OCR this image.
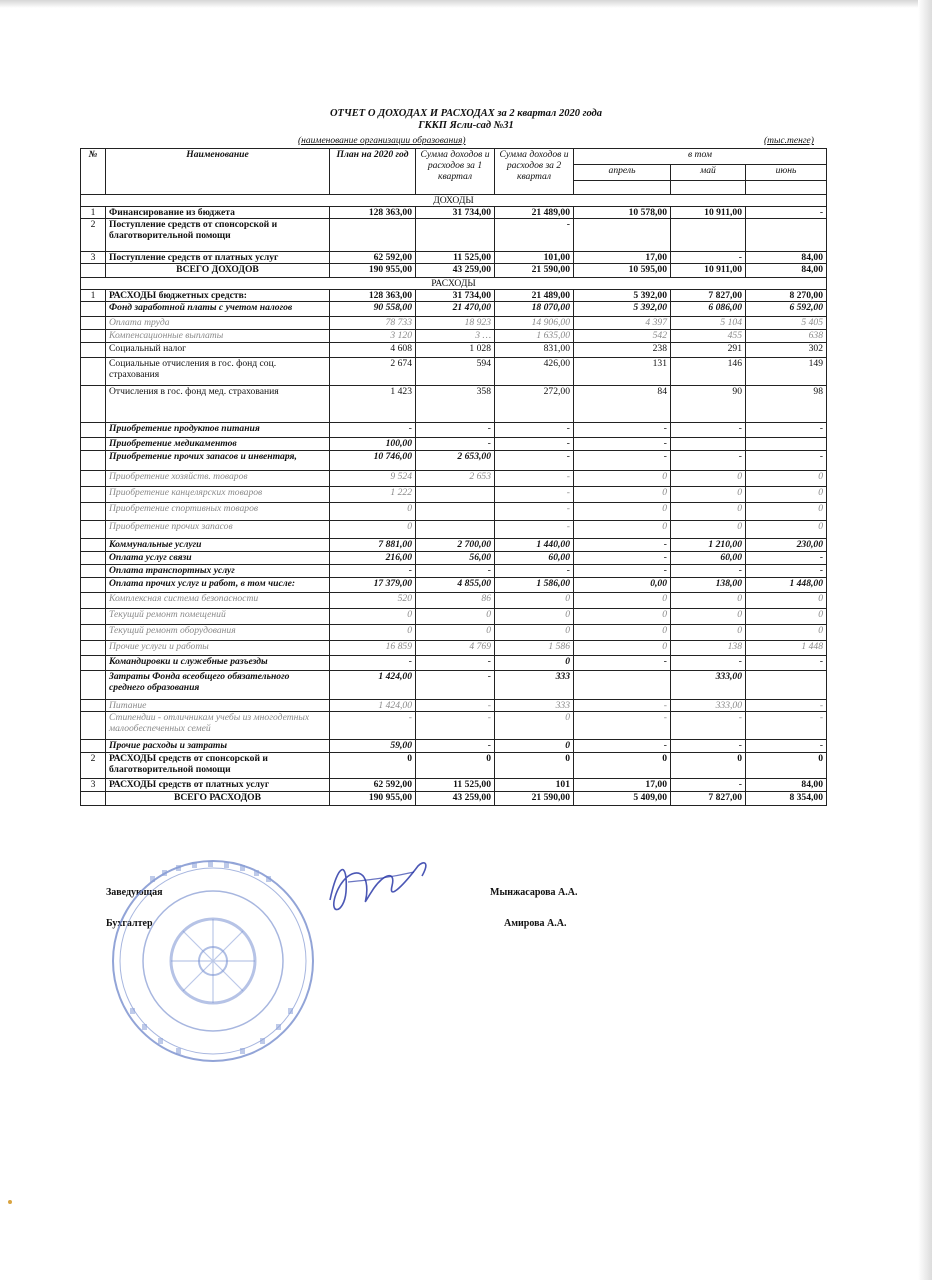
ОТЧЕТ О ДОХОДАХ И РАСХОДАХ за 2 квартал 2020 года
ГККП Ясли-сад №31
(наименование организации образования)	(тыс.тенге)
№	Наименование	План на 2020 год	Сумма доходов и расходов за 1 квартал	Сумма доходов и расходов за 2 квартал	в том		
					апрель	май	июнь

ДОХОДЫ							
1	Финансирование из бюджета	128 363,00	31 734,00	21 489,00	10 578,00	10 911,00	-
2	Поступление средств от спонсорской и благотворительной помощи			-			
3	Поступление средств от платных услуг	62 592,00	11 525,00	101,00	17,00	-	84,00
	ВСЕГО ДОХОДОВ	190 955,00	43 259,00	21 590,00	10 595,00	10 911,00	84,00
РАСХОДЫ							
1	РАСХОДЫ бюджетных средств:	128 363,00	31 734,00	21 489,00	5 392,00	7 827,00	8 270,00
	Фонд заработной платы с учетом налогов	90 558,00	21 470,00	18 070,00	5 392,00	6 086,00	6 592,00
	Оплата труда	78 733	18 923	14 906,00	4 397	5 104	5 405
	Компенсационные выплаты	3 120	3 …	1 635,00	542	455	638
	Социальный налог	4 608	1 028	831,00	238	291	302
	Социальные отчисления в гос. фонд соц. страхования	2 674	594	426,00	131	146	149
	Отчисления в гос. фонд мед. страхования	1 423	358	272,00	84	90	98
	Приобретение продуктов питания	-	-	-	-	-	-
	Приобретение медикаментов	100,00	-	-	-		
	Приобретение прочих запасов и инвентаря,	10 746,00	2 653,00	-	-	-	-
	Приобретение хозяйств. товаров	9 524	2 653	-	0	0	0
	Приобретение канцелярских товаров	1 222		-	0	0	0
	Приобретение спортивных товаров	0		-	0	0	0
	Приобретение прочих запасов	0		-	0	0	0
	Коммунальные услуги	7 881,00	2 700,00	1 440,00	-	1 210,00	230,00
	Оплата услуг связи	216,00	56,00	60,00	-	60,00	-
	Оплата транспортных услуг	-	-	-	-	-	-
	Оплата прочих услуг и работ, в том числе:	17 379,00	4 855,00	1 586,00	0,00	138,00	1 448,00
	Комплексная система безопасности	520	86	0	0	0	0
	Текущий ремонт помещений	0	0	0	0	0	0
	Текущий ремонт оборудования	0	0	0	0	0	0
	Прочие услуги и работы	16 859	4 769	1 586	0	138	1 448
	Командировки и служебные разъезды	-	-	0	-	-	-
	Затраты Фонда всеобщего обязательного среднего образования	1 424,00	-	333		333,00	
	Питание	1 424,00	-	333	-	333,00	-
	Стипендии - отличникам учебы из многодетных малообеспеченных семей	-	-	0	-	-	-
	Прочие расходы и затраты	59,00	-	0	-	-	-
2	РАСХОДЫ средств от спонсорской и благотворительной помощи	0	0	0	0	0	0
3	РАСХОДЫ средств от платных услуг	62 592,00	11 525,00	101	17,00	-	84,00
	ВСЕГО РАСХОДОВ	190 955,00	43 259,00	21 590,00	5 409,00	7 827,00	8 354,00
Заведующая	Мынжасарова А.А.
Бухгалтер	Амирова А.А.
